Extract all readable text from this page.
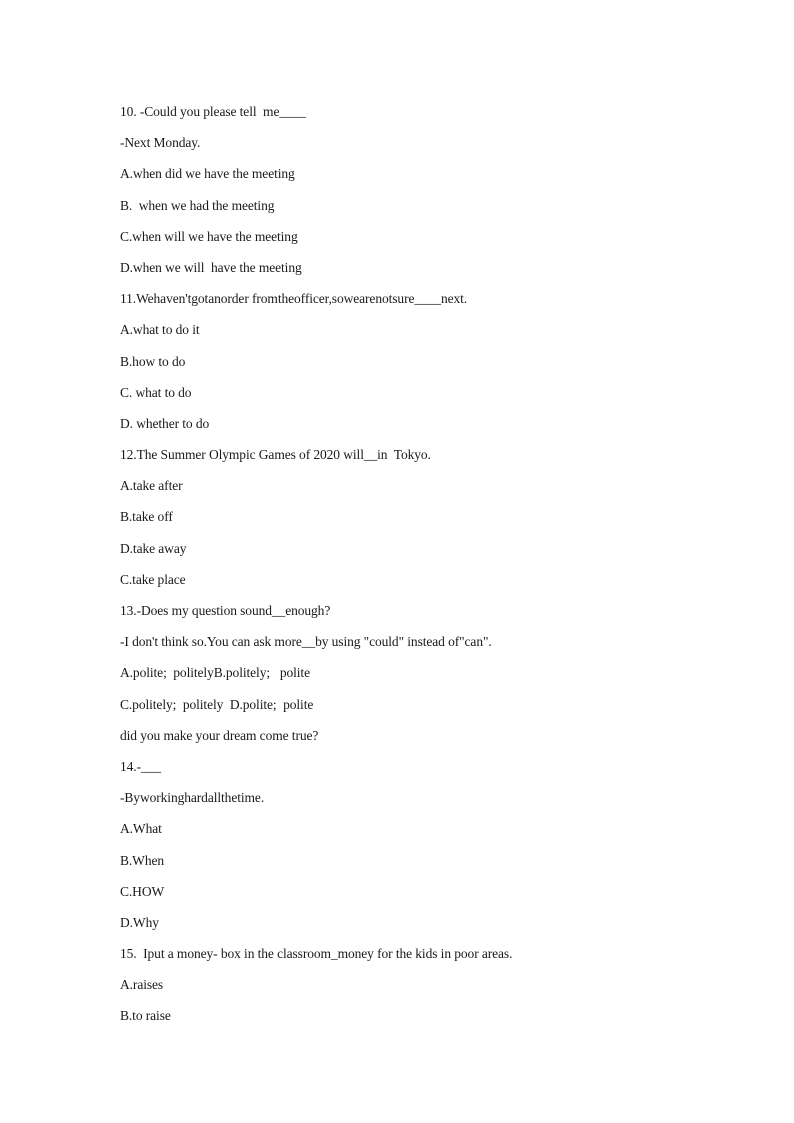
10. -Could you please tell  me____
-Next Monday.
A.when did we have the meeting
B.  when we had the meeting
C.when will we have the meeting
D.when we will  have the meeting
11.Wehaven'tgotanorder fromtheofficer,sowearenotsure____next.
A.what to do it
B.how to do
C. what to do
D. whether to do
12.The Summer Olympic Games of 2020 will__in  Tokyo.
A.take after
B.take off
D.take away
C.take place
13.-Does my question sound__enough?
-I don't think so.You can ask more__by using "could" instead of"can".
A.polite;  politelyB.politely;   polite
C.politely;  politely  D.polite;  polite
did you make your dream come true?
14.-___
-Byworkinghardallthetime.
A.What
B.When
C.HOW
D.Why
15.  Iput a money- box in the classroom_money for the kids in poor areas.
A.raises
B.to raise
